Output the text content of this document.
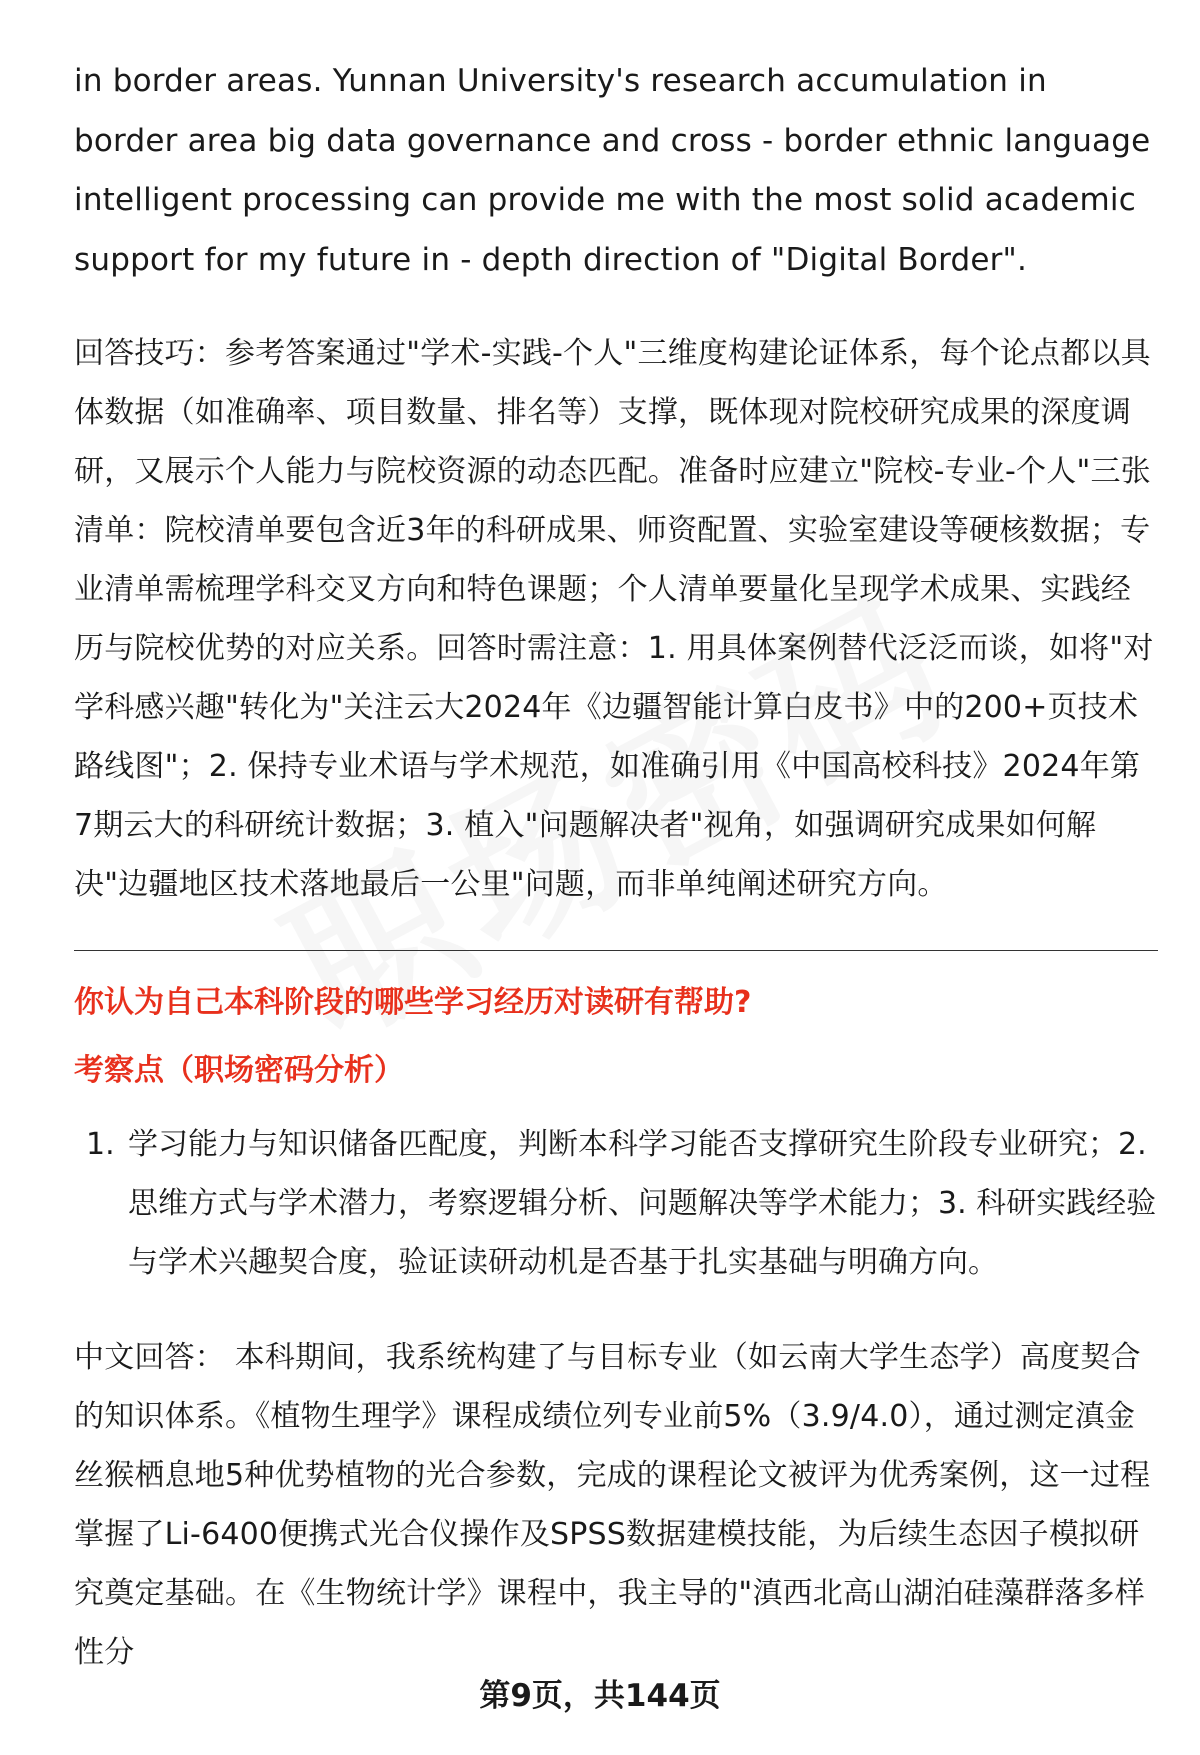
in border areas. Yunnan University's research accumulation in border area big data governance and cross - border ethnic language intelligent processing can provide me with the most solid academic support for my future in - depth direction of "Digital Border".

回答技巧：参考答案通过"学术-实践-个人"三维度构建论证体系，每个论点都以具体数据（如准确率、项目数量、排名等）支撑，既体现对院校研究成果的深度调研，又展示个人能力与院校资源的动态匹配。准备时应建立"院校-专业-个人"三张清单：院校清单要包含近3年的科研成果、师资配置、实验室建设等硬核数据；专业清单需梳理学科交叉方向和特色课题；个人清单要量化呈现学术成果、实践经历与院校优势的对应关系。回答时需注意：1. 用具体案例替代泛泛而谈，如将"对学科感兴趣"转化为"关注云大2024年《边疆智能计算白皮书》中的200+页技术路线图"；2. 保持专业术语与学术规范，如准确引用《中国高校科技》2024年第7期云大的科研统计数据；3. 植入"问题解决者"视角，如强调研究成果如何解决"边疆地区技术落地最后一公里"问题，而非单纯阐述研究方向。

你认为自己本科阶段的哪些学习经历对读研有帮助?
考察点（职场密码分析）
1. 学习能力与知识储备匹配度，判断本科学习能否支撑研究生阶段专业研究；2. 思维方式与学术潜力，考察逻辑分析、问题解决等学术能力；3. 科研实践经验与学术兴趣契合度，验证读研动机是否基于扎实基础与明确方向。

中文回答： 本科期间，我系统构建了与目标专业（如云南大学生态学）高度契合的知识体系。《植物生理学》课程成绩位列专业前5%（3.9/4.0），通过测定滇金丝猴栖息地5种优势植物的光合参数，完成的课程论文被评为优秀案例，这一过程掌握了Li-6400便携式光合仪操作及SPSS数据建模技能，为后续生态因子模拟研究奠定基础。在《生物统计学》课程中，我主导的"滇西北高山湖泊硅藻群落多样性分

第9页，共144页
